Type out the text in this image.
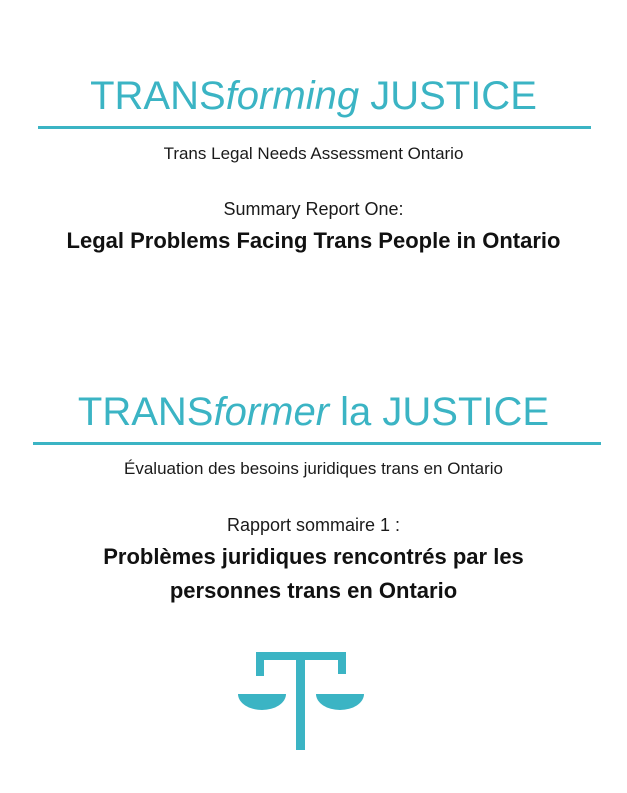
TRANSforming JUSTICE
Trans Legal Needs Assessment Ontario
Summary Report One:
Legal Problems Facing Trans People in Ontario
TRANSformer la JUSTICE
Évaluation des besoins juridiques trans en Ontario
Rapport sommaire 1 :
Problèmes juridiques rencontrés par les
personnes trans en Ontario
